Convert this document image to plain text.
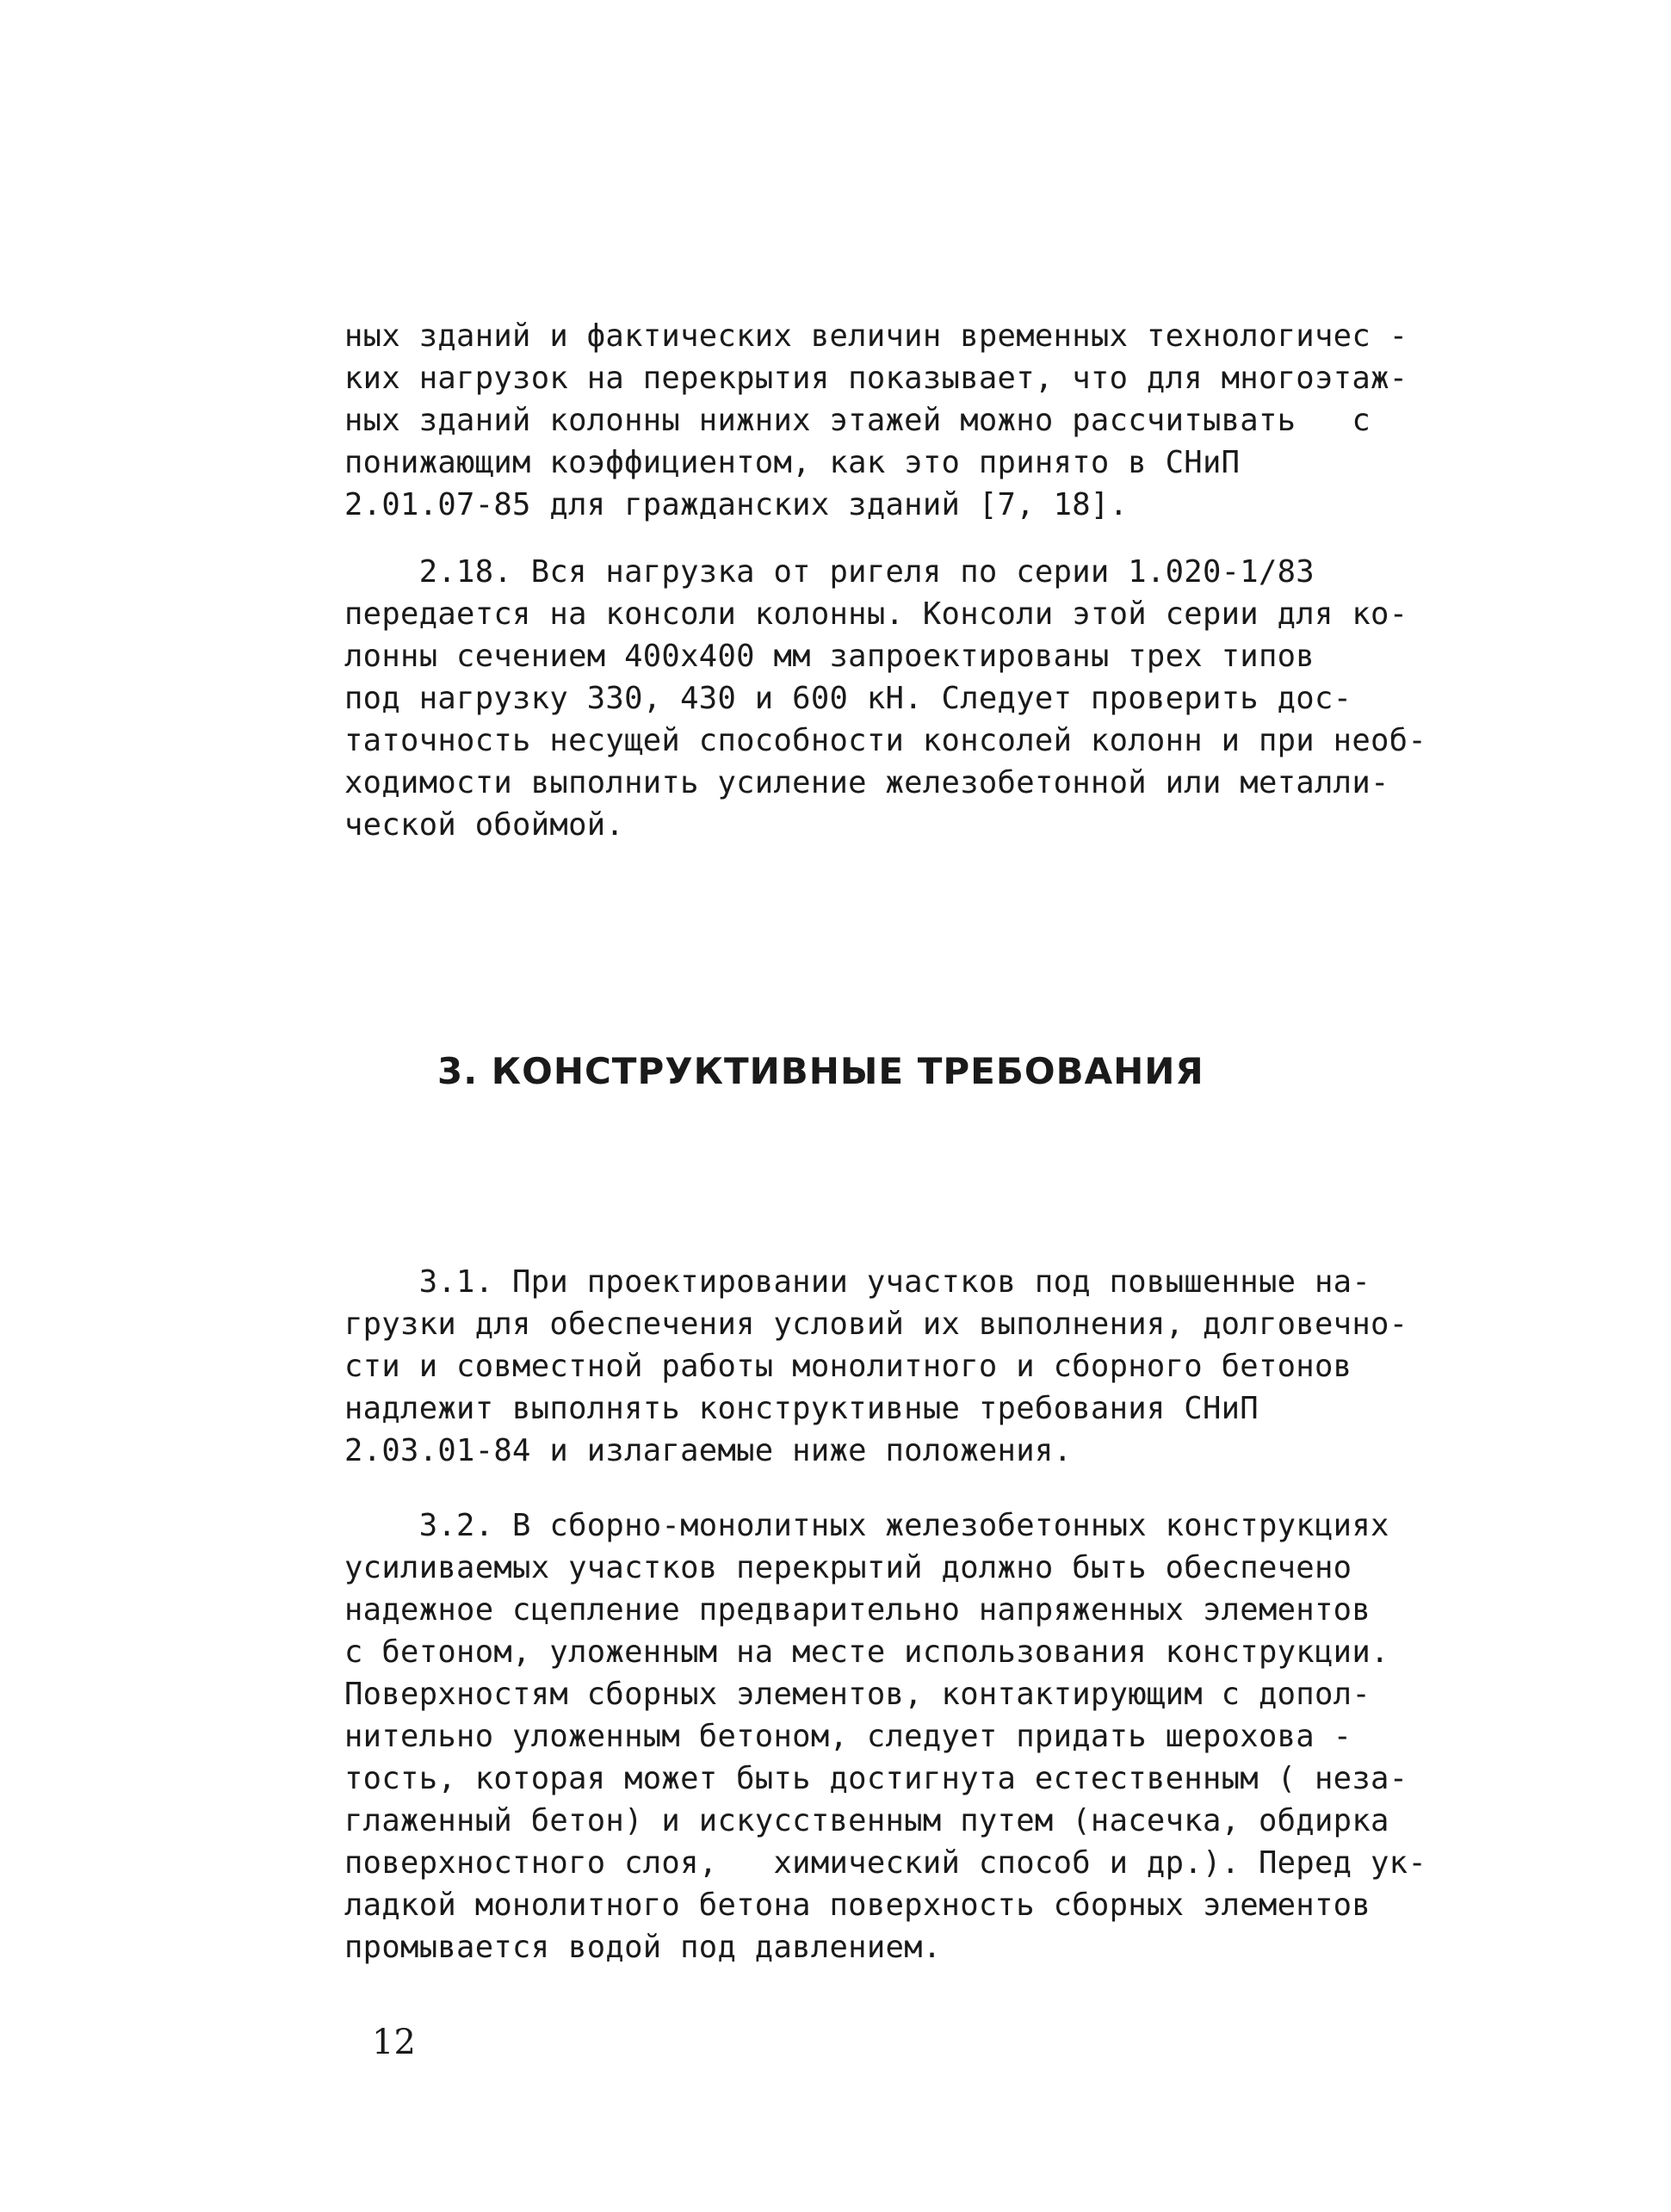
ных зданий и фактических величин временных технологичес -
ких нагрузок на перекрытия показывает, что для многоэтаж-
ных зданий колонны нижних этажей можно рассчитывать   с
понижающим коэффициентом, как это принято в СНиП
2.01.07-85 для гражданских зданий [7, 18].
2.18. Вся нагрузка от ригеля по серии 1.020-1/83
передается на консоли колонны. Консоли этой серии для ко-
лонны сечением 400х400 мм запроектированы трех типов
под нагрузку 330, 430 и 600 кН. Следует проверить дос-
таточность несущей способности консолей колонн и при необ-
ходимости выполнить усиление железобетонной или металли-
ческой обоймой.
3. КОНСТРУКТИВНЫЕ ТРЕБОВАНИЯ
3.1. При проектировании участков под повышенные на-
грузки для обеспечения условий их выполнения, долговечно-
сти и совместной работы монолитного и сборного бетонов
надлежит выполнять конструктивные требования СНиП
2.03.01-84 и излагаемые ниже положения.
3.2. В сборно-монолитных железобетонных конструкциях
усиливаемых участков перекрытий должно быть обеспечено
надежное сцепление предварительно напряженных элементов
с бетоном, уложенным на месте использования конструкции.
Поверхностям сборных элементов, контактирующим с допол-
нительно уложенным бетоном, следует придать шерохова -
тость, которая может быть достигнута естественным ( неза-
глаженный бетон) и искусственным путем (насечка, обдирка
поверхностного слоя,   химический способ и др.). Перед ук-
ладкой монолитного бетона поверхность сборных элементов
промывается водой под давлением.

12
